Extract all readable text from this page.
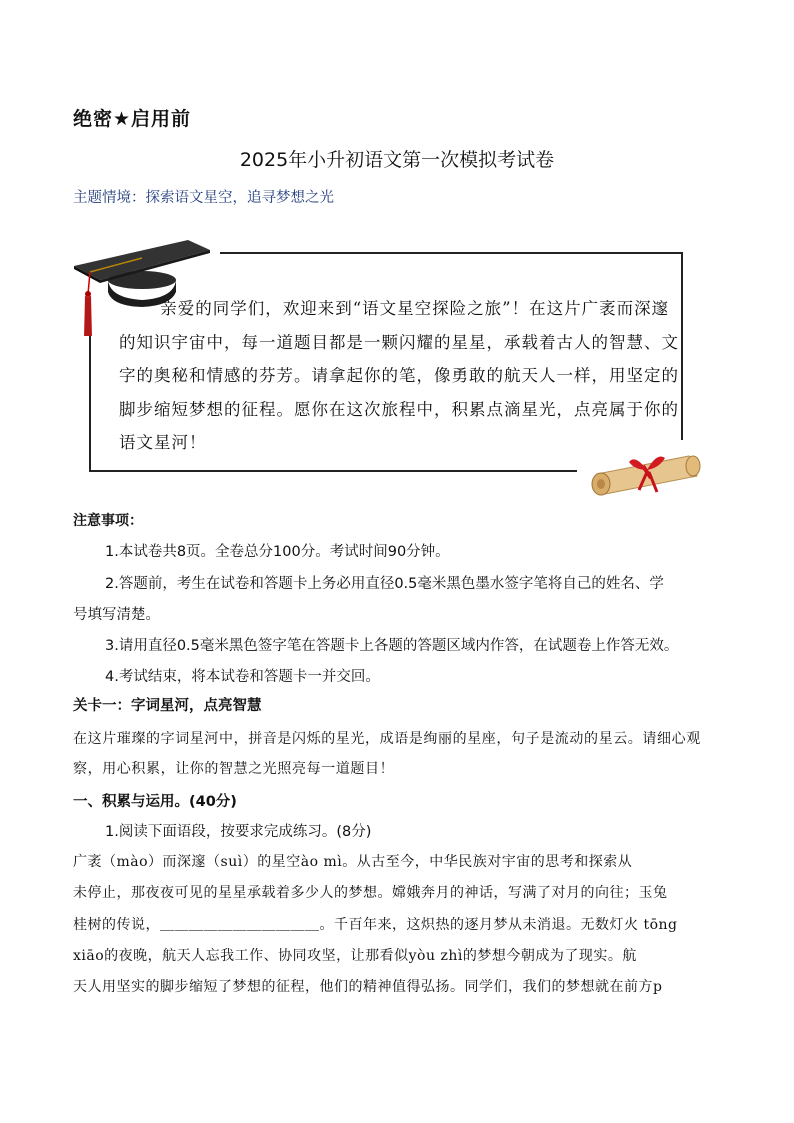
绝密★启用前
2025年小升初语文第一次模拟考试卷
主题情境：探索语文星空，追寻梦想之光
亲爱的同学们，欢迎来到“语文星空探险之旅”！在这片广袤而深邃的知识宇宙中，每一道题目都是一颗闪耀的星星，承载着古人的智慧、文字的奥秘和情感的芬芳。请拿起你的笔，像勇敢的航天人一样，用坚定的脚步缩短梦想的征程。愿你在这次旅程中，积累点滴星光，点亮属于你的语文星河！
注意事项：
1.本试卷共8页。全卷总分100分。考试时间90分钟。
2.答题前，考生在试卷和答题卡上务必用直径0.5毫米黑色墨水签字笔将自己的姓名、学
号填写清楚。
3.请用直径0.5毫米黑色签字笔在答题卡上各题的答题区域内作答，在试题卷上作答无效。
4.考试结束，将本试卷和答题卡一并交回。
关卡一：字词星河，点亮智慧
在这片璀璨的字词星河中，拼音是闪烁的星光，成语是绚丽的星座，句子是流动的星云。请细心观察，用心积累，让你的智慧之光照亮每一道题目！
一、积累与运用。(40分)
1.阅读下面语段，按要求完成练习。(8分)
广袤（mào）而深邃（suì）的星空ào mì。从古至今，中华民族对宇宙的思考和探索从
未停止，那夜夜可见的星星承载着多少人的梦想。嫦娥奔月的神话，写满了对月的向往；玉兔
桂树的传说，＿＿＿＿＿＿＿＿＿＿＿。千百年来，这炽热的逐月梦从未消退。无数灯火 tōng
xiāo的夜晚，航天人忘我工作、协同攻坚，让那看似yòu zhì的梦想今朝成为了现实。航
天人用坚实的脚步缩短了梦想的征程，他们的精神值得弘扬。同学们，我们的梦想就在前方p
